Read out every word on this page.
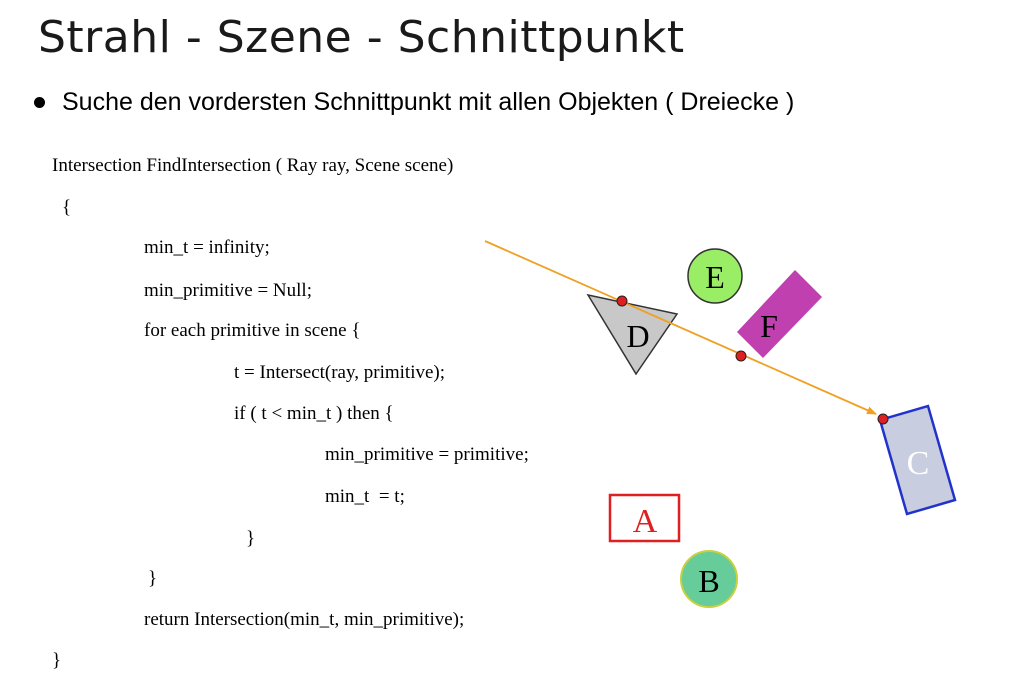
Strahl - Szene - Schnittpunkt
Suche den vordersten Schnittpunkt mit allen Objekten ( Dreiecke )
Intersection FindIntersection ( Ray ray, Scene scene)
{
min_t = infinity;
min_primitive = Null;
for each primitive in scene {
t = Intersect(ray, primitive);
if ( t < min_t ) then {
min_primitive = primitive;
min_t  = t;
}
}
return Intersection(min_t, min_primitive);
}
D
E
F
C
A
B
